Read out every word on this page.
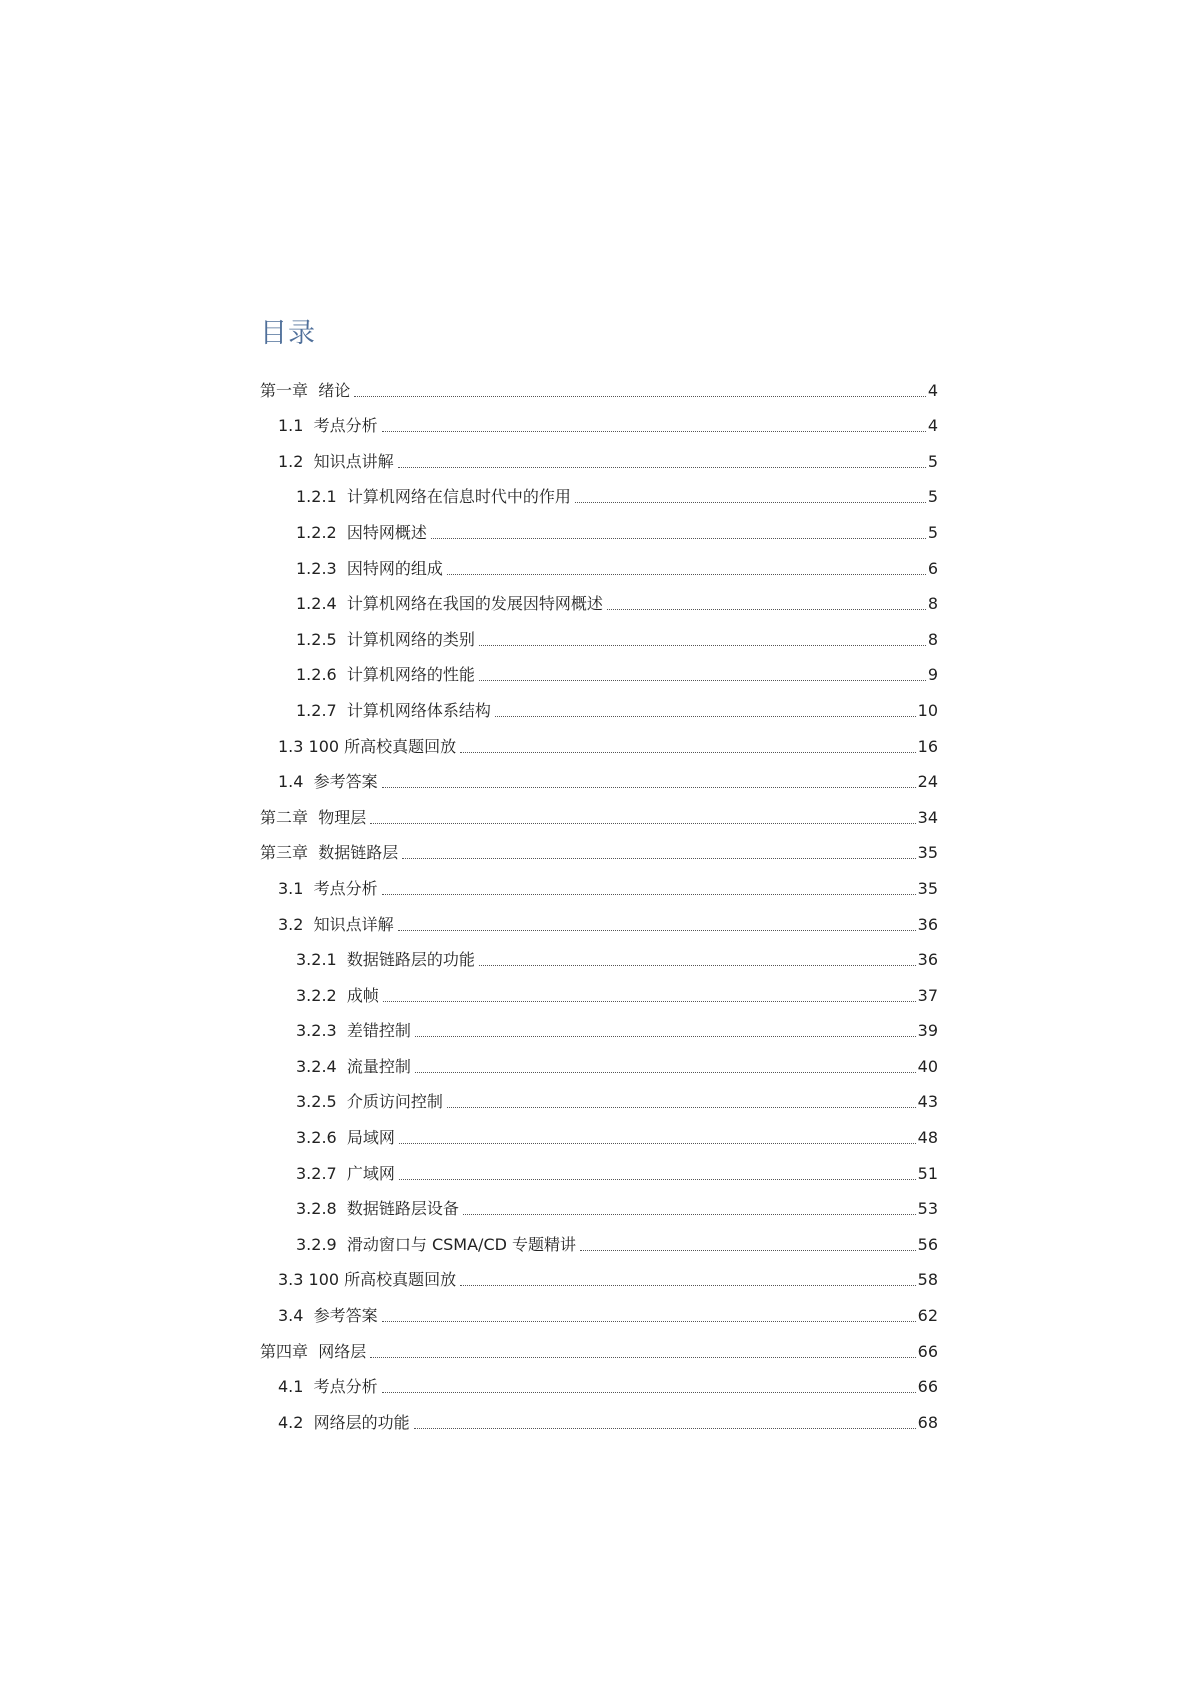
目录
第一章 绪论	4
1.1 考点分析	4
1.2 知识点讲解	5
1.2.1 计算机网络在信息时代中的作用	5
1.2.2 因特网概述	5
1.2.3 因特网的组成	6
1.2.4 计算机网络在我国的发展因特网概述	8
1.2.5 计算机网络的类别	8
1.2.6 计算机网络的性能	9
1.2.7 计算机网络体系结构	10
1.3 100 所高校真题回放	16
1.4 参考答案	24
第二章 物理层	34
第三章 数据链路层	35
3.1 考点分析	35
3.2 知识点详解	36
3.2.1 数据链路层的功能	36
3.2.2 成帧	37
3.2.3 差错控制	39
3.2.4 流量控制	40
3.2.5 介质访问控制	43
3.2.6 局域网	48
3.2.7 广域网	51
3.2.8 数据链路层设备	53
3.2.9 滑动窗口与 CSMA/CD 专题精讲	56
3.3 100 所高校真题回放	58
3.4 参考答案	62
第四章 网络层	66
4.1 考点分析	66
4.2 网络层的功能	68
